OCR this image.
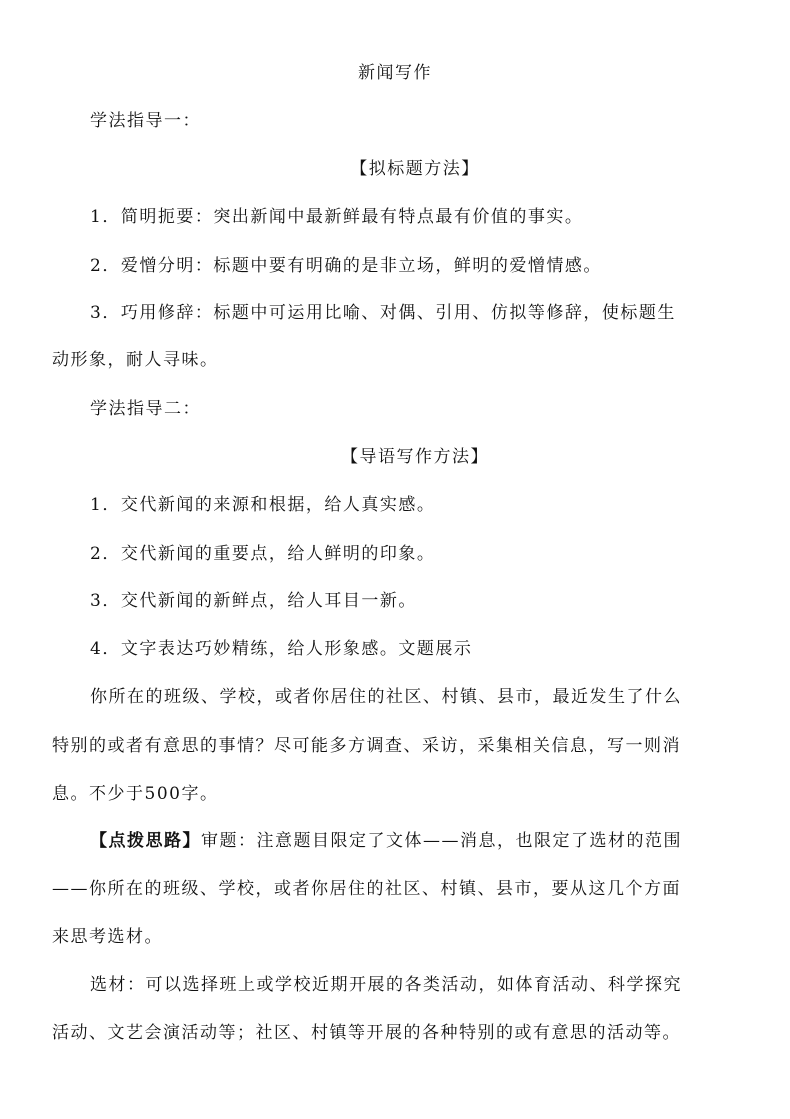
新闻写作
学法指导一：
【拟标题方法】
1．简明扼要：突出新闻中最新鲜最有特点最有价值的事实。
2．爱憎分明：标题中要有明确的是非立场，鲜明的爱憎情感。
3．巧用修辞：标题中可运用比喻、对偶、引用、仿拟等修辞，使标题生
动形象，耐人寻味。
学法指导二：
【导语写作方法】
1．交代新闻的来源和根据，给人真实感。
2．交代新闻的重要点，给人鲜明的印象。
3．交代新闻的新鲜点，给人耳目一新。
4．文字表达巧妙精练，给人形象感。文题展示
你所在的班级、学校，或者你居住的社区、村镇、县市，最近发生了什么
特别的或者有意思的事情？尽可能多方调查、采访，采集相关信息，写一则消
息。不少于500字。
【点拨思路】审题：注意题目限定了文体——消息，也限定了选材的范围
——你所在的班级、学校，或者你居住的社区、村镇、县市，要从这几个方面
来思考选材。
选材：可以选择班上或学校近期开展的各类活动，如体育活动、科学探究
活动、文艺会演活动等；社区、村镇等开展的各种特别的或有意思的活动等。
